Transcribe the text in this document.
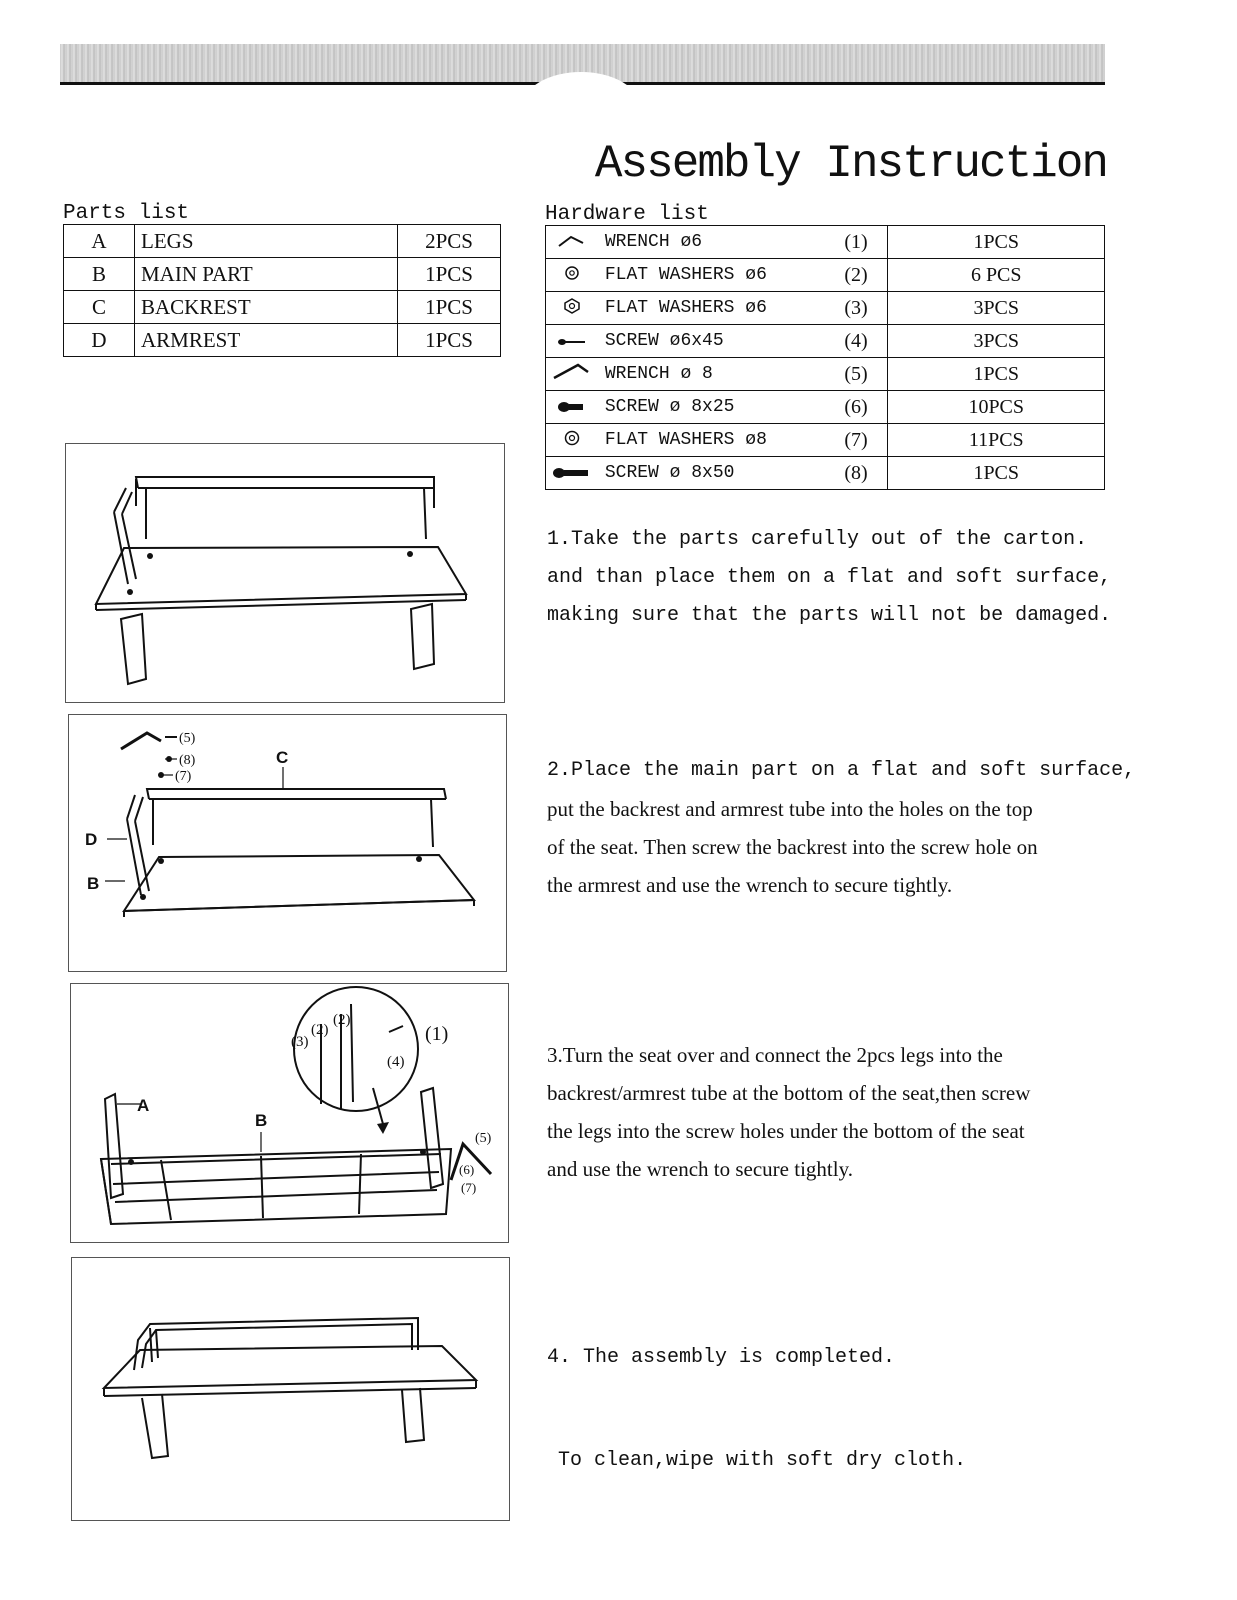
Assembly Instruction
Parts list
A	LEGS	2PCS
B	MAIN PART	1PCS
C	BACKREST	1PCS
D	ARMREST	1PCS
Hardware list
	WRENCH ø6	(1)	1PCS
	FLAT WASHERS ø6	(2)	6 PCS
	FLAT WASHERS ø6	(3)	3PCS
	SCREW ø6x45	(4)	3PCS
	WRENCH ø 8	(5)	1PCS
	SCREW ø 8x25	(6)	10PCS
	FLAT WASHERS ø8	(7)	11PCS
	SCREW ø 8x50	(8)	1PCS
1.Take the parts carefully out of the carton.
and than place them on a flat and soft surface,
making sure that the parts will not be damaged.
2.Place the main part on a flat and soft surface,
put the backrest and armrest tube into the holes on the top
of the seat. Then screw the backrest into the screw hole on
the armrest and use the wrench to secure tightly.
3.Turn the seat over and connect the 2pcs legs into the
backrest/armrest tube at the bottom of the seat,then screw
the legs into the screw holes under the bottom of the seat
and use the wrench to secure tightly.
4. The assembly is completed.
To clean,wipe with soft dry cloth.
C
D
B
(5)
(8)
(7)
A
B
(1)
(2)
(2)
(3)
(4)
(5)
(6)
(7)
